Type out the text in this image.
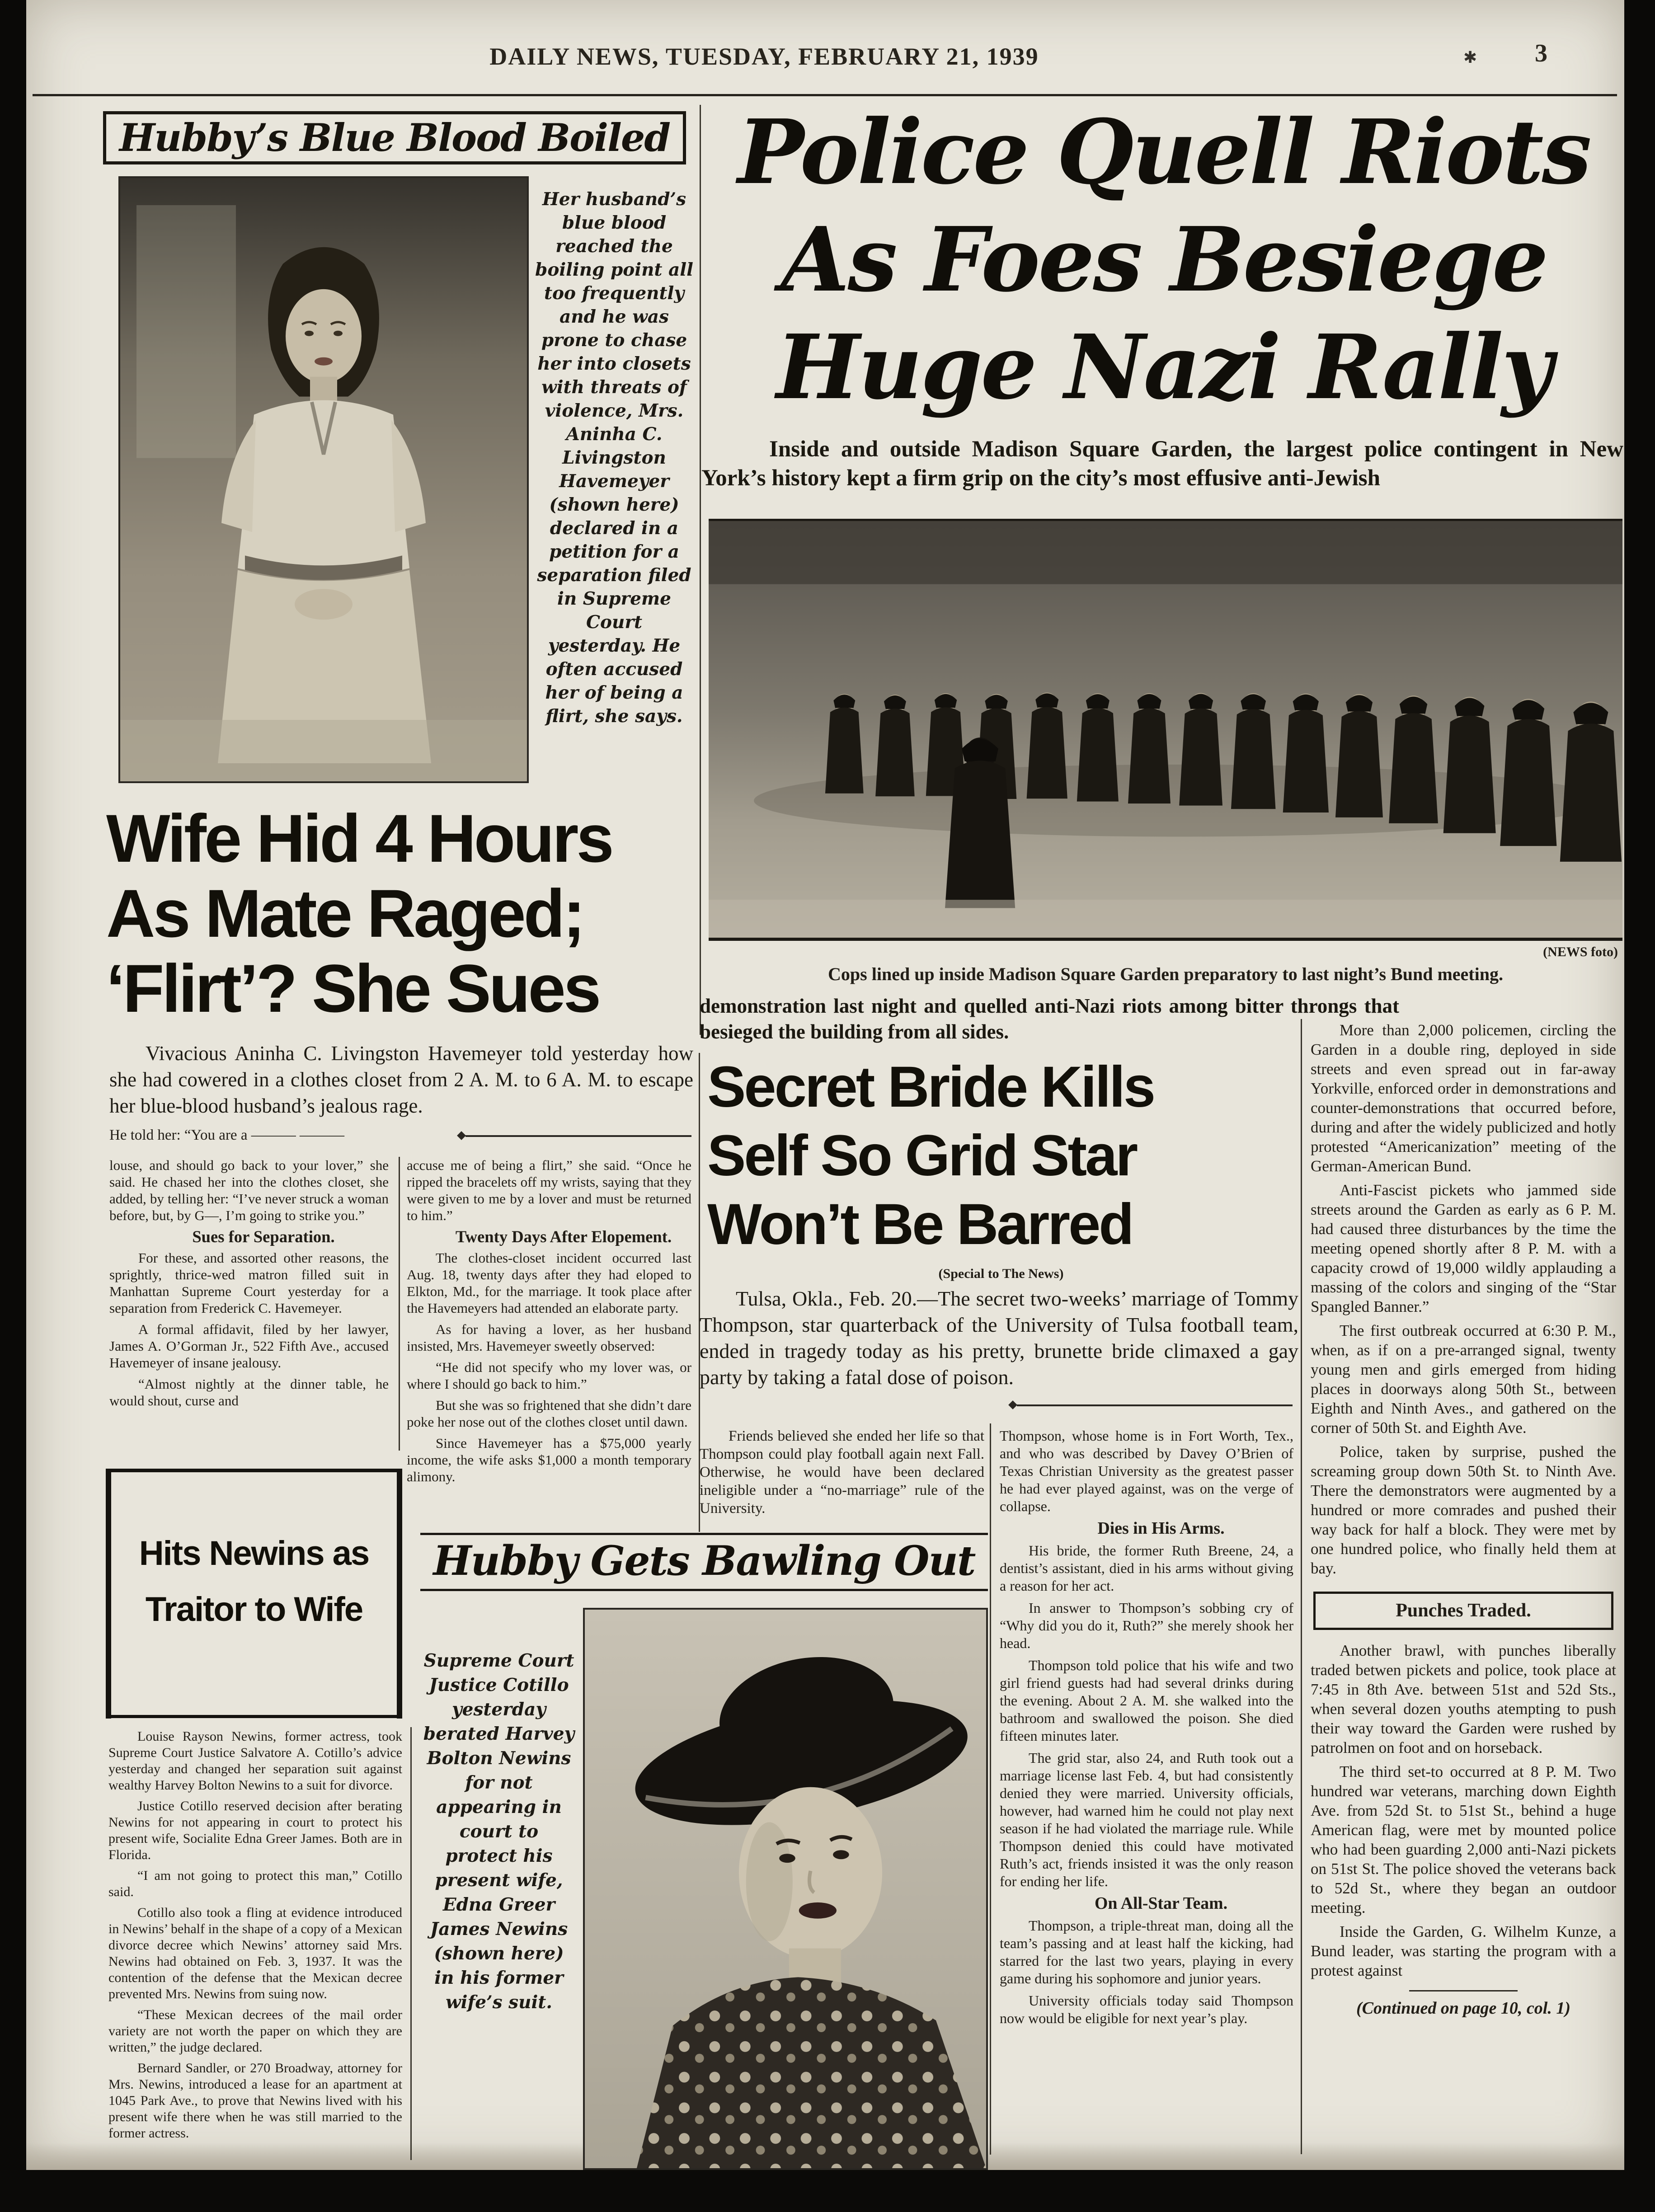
DAILY NEWS, TUESDAY, FEBRUARY 21, 1939	✱ 3
Hubby’s Blue Blood Boiled
Her husband’s blue blood reached the boiling point all too frequently and he was prone to chase her into closets with threats of violence, Mrs. Aninha C. Livingston Havemeyer (shown here) declared in a petition for a separation filed in Supreme Court yesterday. He often accused her of being a flirt, she says.
Wife Hid 4 Hours
As Mate Raged;
‘Flirt’? She Sues
Vivacious Aninha C. Livingston Havemeyer told yesterday how she had cowered in a clothes closet from 2 A. M. to 6 A. M. to escape her blue-blood husband’s jealous rage.
He told her: “You are a ——— ———

louse, and should go back to your lover,” she said. He chased her into the clothes closet, she added, by telling her: “I’ve never struck a woman before, but, by G—, I’m going to strike you.”

Sues for Separation.

For these, and assorted other reasons, the sprightly, thrice-wed matron filled suit in Manhattan Supreme Court yesterday for a separation from Frederick C. Havemeyer.

A formal affidavit, filed by her lawyer, James A. O’Gorman Jr., 522 Fifth Ave., accused Havemeyer of insane jealousy.

“Almost nightly at the dinner table, he would shout, curse and

accuse me of being a flirt,” she said. “Once he ripped the bracelets off my wrists, saying that they were given to me by a lover and must be returned to him.”

Twenty Days After Elopement.

The clothes-closet incident occurred last Aug. 18, twenty days after they had eloped to Elkton, Md., for the marriage. It took place after the Havemeyers had attended an elaborate party.

As for having a lover, as her husband insisted, Mrs. Havemeyer sweetly observed:

“He did not specify who my lover was, or where I should go back to him.”

But she was so frightened that she didn’t dare poke her nose out of the clothes closet until dawn.

Since Havemeyer has a $75,000 yearly income, the wife asks $1,000 a month temporary alimony.

Hits Newins as
Traitor to Wife

Louise Rayson Newins, former actress, took Supreme Court Justice Salvatore A. Cotillo’s advice yesterday and changed her separation suit against wealthy Harvey Bolton Newins to a suit for divorce.

Justice Cotillo reserved decision after berating Newins for not appearing in court to protect his present wife, Socialite Edna Greer James. Both are in Florida.

“I am not going to protect this man,” Cotillo said.

Cotillo also took a fling at evidence introduced in Newins’ behalf in the shape of a copy of a Mexican divorce decree which Newins’ attorney said Mrs. Newins had obtained on Feb. 3, 1937. It was the contention of the defense that the Mexican decree prevented Mrs. Newins from suing now.

“These Mexican decrees of the mail order variety are not worth the paper on which they are written,” the judge declared.

Bernard Sandler, or 270 Broadway, attorney for Mrs. Newins, introduced a lease for an apartment at 1045 Park Ave., to prove that Newins lived with his present wife there when he was still married to the former actress.

Hubby Gets Bawling Out
Supreme Court Justice Cotillo yesterday berated Harvey Bolton Newins for not appearing in court to protect his present wife, Edna Greer James Newins (shown here) in his former wife’s suit.
Police Quell Riots
As Foes Besiege
Huge Nazi Rally
Inside and outside Madison Square Garden, the largest police contingent in New York’s history kept a firm grip on the city’s most effusive anti-Jewish
(NEWS foto)
Cops lined up inside Madison Square Garden preparatory to last night’s Bund meeting.
demonstration last night and quelled anti-Nazi riots among bitter throngs that besieged the building from all sides.	More than 2,000 policemen, circling the Garden in a double ring, deployed in side streets and even spread out in far-away Yorkville, enforced order in demonstrations and counter-demonstrations that occurred before, during and after the widely publicized and hotly protested “Americanization” meeting of the German-American Bund.

Anti-Fascist pickets who jammed side streets around the Garden as early as 6 P. M. had caused three disturbances by the time the meeting opened shortly after 8 P. M. with a capacity crowd of 19,000 wildly applauding a massing of the colors and singing of the “Star Spangled Banner.”

The first outbreak occurred at 6:30 P. M., when, as if on a pre-arranged signal, twenty young men and girls emerged from hiding places in doorways along 50th St., between Eighth and Ninth Aves., and gathered on the corner of 50th St. and Eighth Ave.

Police, taken by surprise, pushed the screaming group down 50th St. to Ninth Ave. There the demonstrators were augmented by a hundred or more comrades and pushed their way back for half a block. They were met by one hundred police, who finally held them at bay.

Punches Traded.

Another brawl, with punches liberally traded betwen pickets and police, took place at 7:45 in 8th Ave. between 51st and 52d Sts., when several dozen youths atempting to push their way toward the Garden were rushed by patrolmen on foot and on horseback.

The third set-to occurred at 8 P. M. Two hundred war veterans, marching down Eighth Ave. from 52d St. to 51st St., behind a huge American flag, were met by mounted police who had been guarding 2,000 anti-Nazi pickets on 51st St. The police shoved the veterans back to 52d St., where they began an outdoor meeting.

Inside the Garden, G. Wilhelm Kunze, a Bund leader, was starting the program with a protest against

(Continued on page 10, col. 1)
Secret Bride Kills
Self So Grid Star
Won’t Be Barred
(Special to The News)
Tulsa, Okla., Feb. 20.—The secret two-weeks’ marriage of Tommy Thompson, star quarterback of the University of Tulsa football team, ended in tragedy today as his pretty, brunette bride climaxed a gay party by taking a fatal dose of poison.

Friends believed she ended her life so that Thompson could play football again next Fall. Otherwise, he would have been declared ineligible under a “no-marriage” rule of the University.

Thompson, whose home is in Fort Worth, Tex., and who was described by Davey O’Brien of Texas Christian University as the greatest passer he had ever played against, was on the verge of collapse.

Dies in His Arms.

His bride, the former Ruth Breene, 24, a dentist’s assistant, died in his arms without giving a reason for her act.

In answer to Thompson’s sobbing cry of “Why did you do it, Ruth?” she merely shook her head.

Thompson told police that his wife and two girl friend guests had had several drinks during the evening. About 2 A. M. she walked into the bathroom and swallowed the poison. She died fifteen minutes later.

The grid star, also 24, and Ruth took out a marriage license last Feb. 4, but had consistently denied they were married. University officials, however, had warned him he could not play next season if he had violated the marriage rule. While Thompson denied this could have motivated Ruth’s act, friends insisted it was the only reason for ending her life.

On All-Star Team.

Thompson, a triple-threat man, doing all the team’s passing and at least half the kicking, had starred for the last two years, playing in every game during his sophomore and junior years.

University officials today said Thompson now would be eligible for next year’s play.
